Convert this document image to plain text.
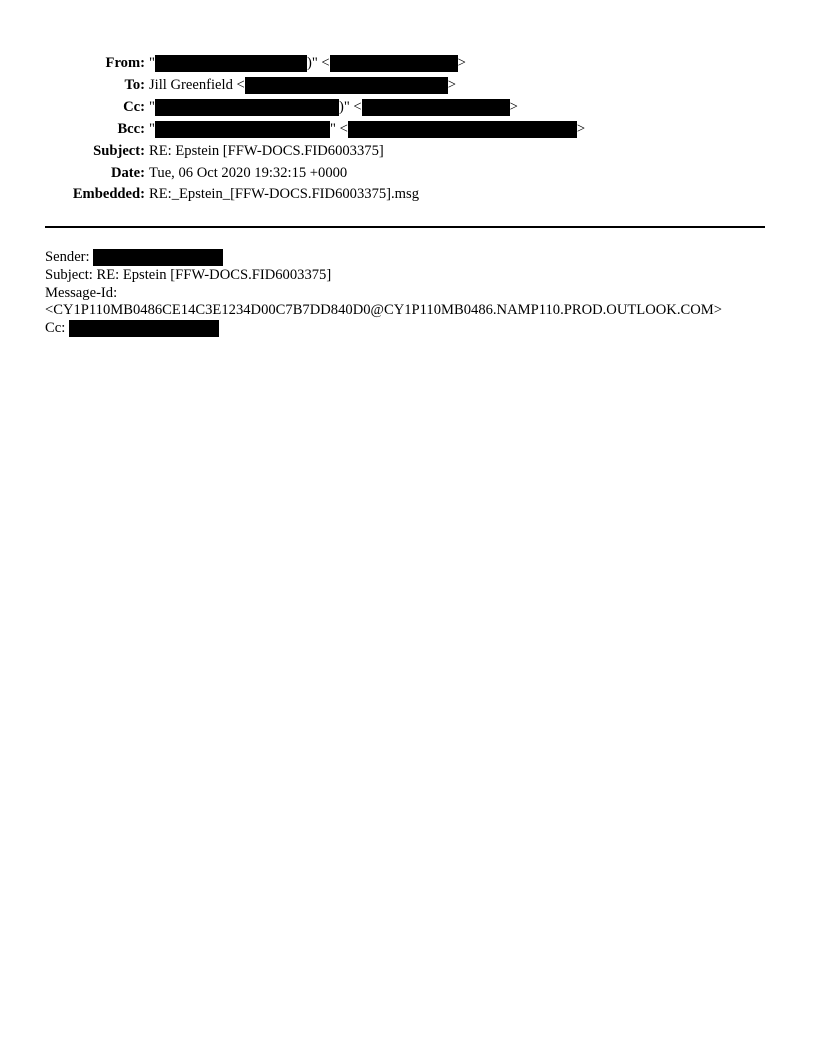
From:	" )" < >
To:	Jill Greenfield < >
Cc:	" )" < >
Bcc:	" " < >
Subject:	RE: Epstein [FFW-DOCS.FID6003375]
Date:	Tue, 06 Oct 2020 19:32:15 +0000
Embedded:	RE:_Epstein_[FFW-DOCS.FID6003375].msg
Sender:
Subject: RE: Epstein [FFW-DOCS.FID6003375]
Message-Id:
<CY1P110MB0486CE14C3E1234D00C7B7DD840D0@CY1P110MB0486.NAMP110.PROD.OUTLOOK.COM>
Cc:
